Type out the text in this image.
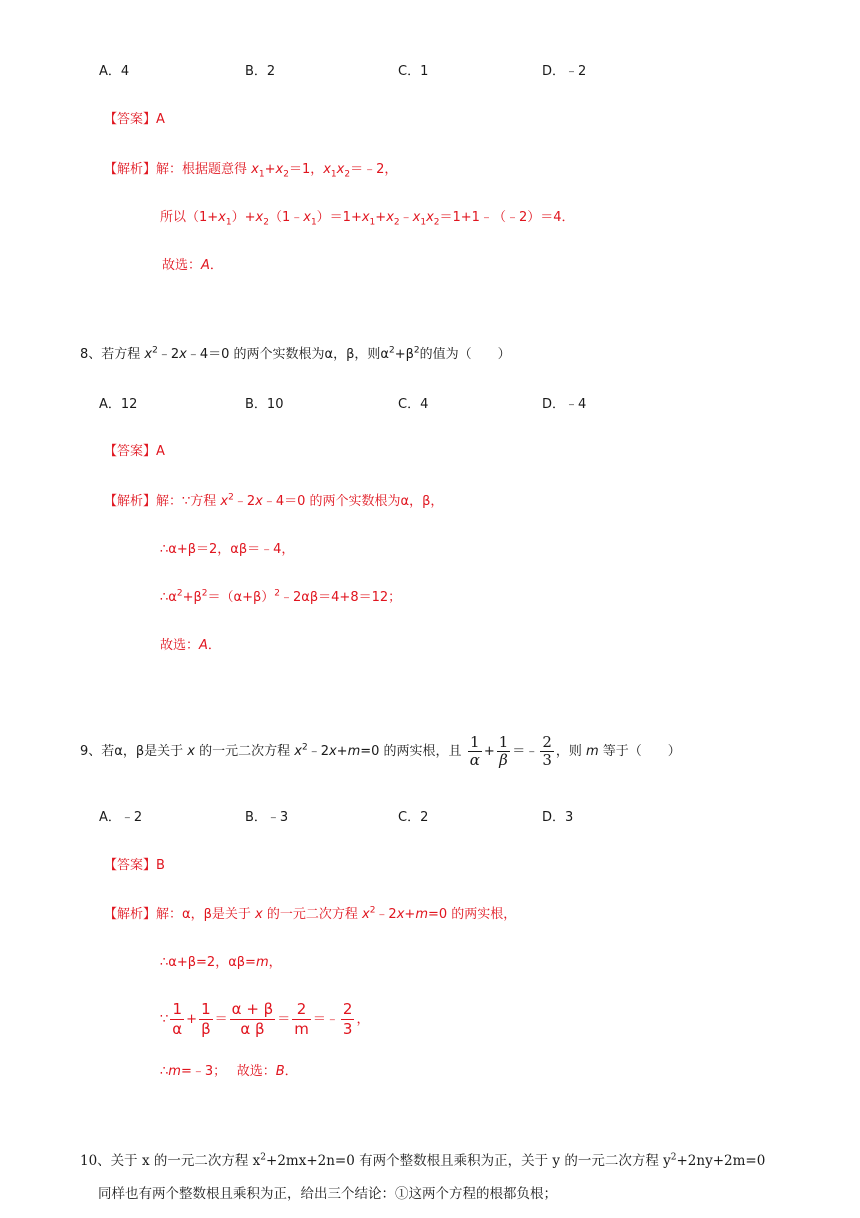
A．4	B．2	C．1	D．﹣2
【答案】A
【解析】解：根据题意得 $x_1+x_2=1$，$x_1x_2=﹣2$，
所以$(1+x_1)+x_2(1﹣x_1)=1+x_1+x_2﹣x_1x_2=1+1﹣(﹣2)=4$．
故选：A．
8、若方程 $x^2﹣2x﹣4=0$ 的两个实数根为α，β，则$\alpha^2+\beta^2$的值为（　　）
A．12	B．10	C．4	D．﹣4
【答案】A
【解析】解：∵方程 $x^2﹣2x﹣4=0$ 的两个实数根为α，β，
∴α+β＝2，αβ＝﹣4，
$\therefore\alpha^2+\beta^2=(\alpha+\beta)^2﹣2\alpha\beta=4+8=12$；
故选：A．
9、若α，β是关于 x 的一元二次方程 $x^2﹣2x+m=0$ 的两实根，且 $\frac{1}{\alpha} + \frac{1}{\beta}$ ＝﹣ $\frac{2}{3}$ ，则 m 等于（　　）
A．﹣2	B．﹣3	C．2	D．3
【答案】B
【解析】解：α，β是关于 x 的一元二次方程 $x^2﹣2x+m=0$ 的两实根，
∴α+β=2，αβ=m，
∵ $\frac{1}{\alpha} + \frac{1}{\beta} = \frac{\alpha + \beta}{\text{α β}} = \frac{2}{m}$ ＝﹣ $\frac{2}{3}$ ，
∴m=﹣3；　 故选：B．
10、关于 x 的一元二次方程 $x^2+2mx+2n=0$ 有两个整数根且乘积为正，关于 y 的一元二次方程 $y^2+2ny+2m=0$
同样也有两个整数根且乘积为正，给出三个结论：①这两个方程的根都负根；
